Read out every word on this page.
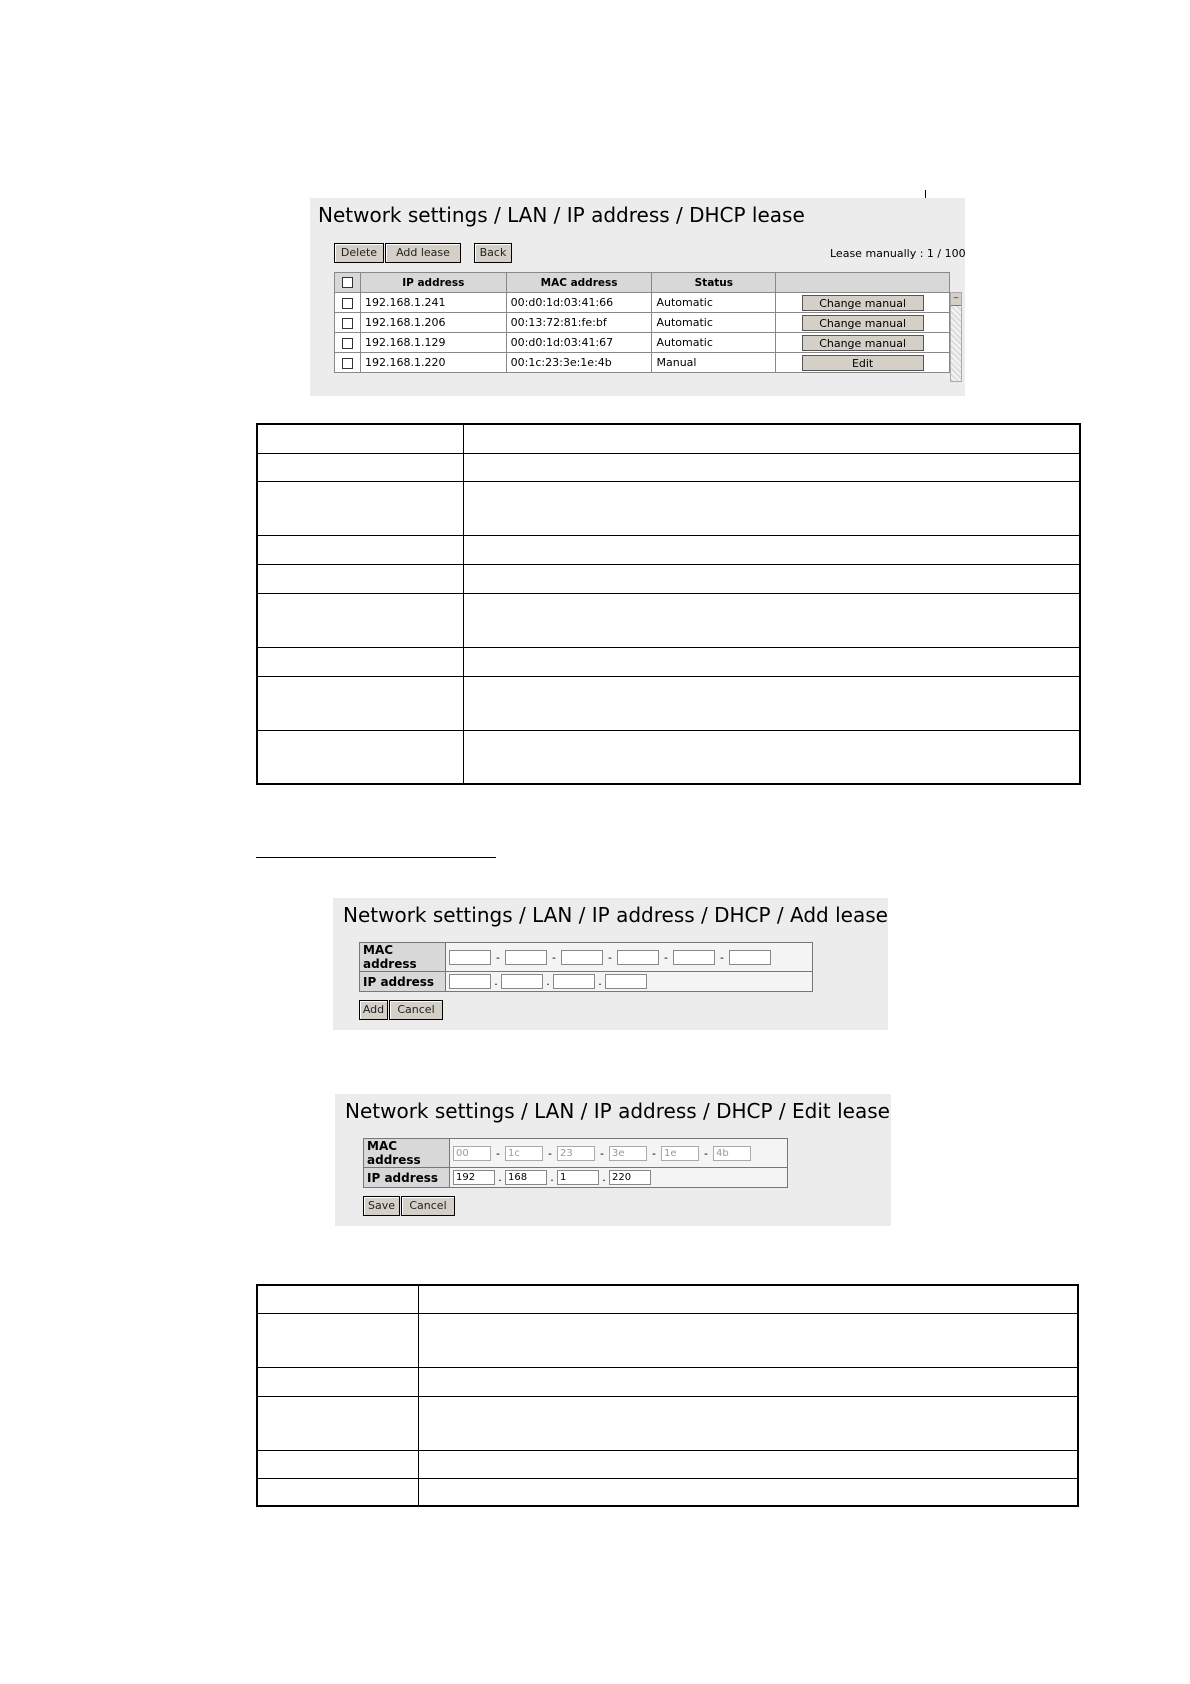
Network settings / LAN / IP address / DHCP lease
Delete	Add lease	Back	Lease manually : 1 / 100
	IP address	MAC address	Status	
	192.168.1.241	00:d0:1d:03:41:66	Automatic	Change manual
	192.168.1.206	00:13:72:81:fe:bf	Automatic	Change manual
	192.168.1.129	00:d0:1d:03:41:67	Automatic	Change manual
	192.168.1.220	00:1c:23:3e:1e:4b	Manual	Edit
–

Network settings / LAN / IP address / DHCP / Add lease
MAC address	- - - - -
IP address	. . .
Add	Cancel
Network settings / LAN / IP address / DHCP / Edit lease
MAC address	00 - 1c - 23 - 3e - 1e - 4b
IP address	192 . 168 . 1 . 220
Save	Cancel
